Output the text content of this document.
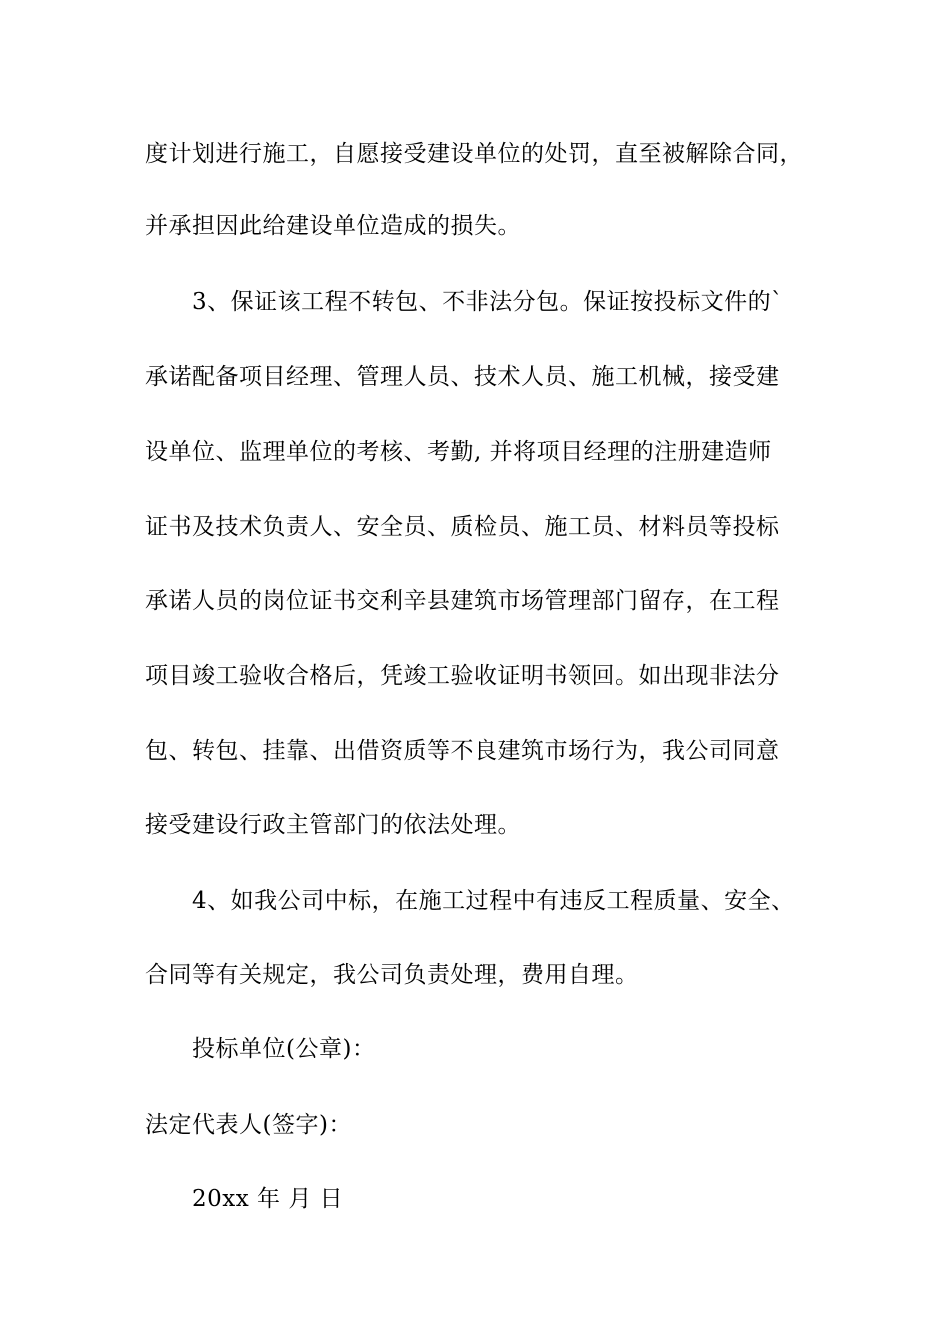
度计划进行施工，自愿接受建设单位的处罚，直至被解除合同，
并承担因此给建设单位造成的损失。
3、保证该工程不转包、不非法分包。保证按投标文件的`
承诺配备项目经理、管理人员、技术人员、施工机械，接受建
设单位、监理单位的考核、考勤, 并将项目经理的注册建造师
证书及技术负责人、安全员、质检员、施工员、材料员等投标
承诺人员的岗位证书交利辛县建筑市场管理部门留存，在工程
项目竣工验收合格后，凭竣工验收证明书领回。如出现非法分
包、转包、挂靠、出借资质等不良建筑市场行为，我公司同意
接受建设行政主管部门的依法处理。
4、如我公司中标，在施工过程中有违反工程质量、安全、
合同等有关规定，我公司负责处理，费用自理。
投标单位(公章)：
法定代表人(签字)：
20xx 年 月 日
